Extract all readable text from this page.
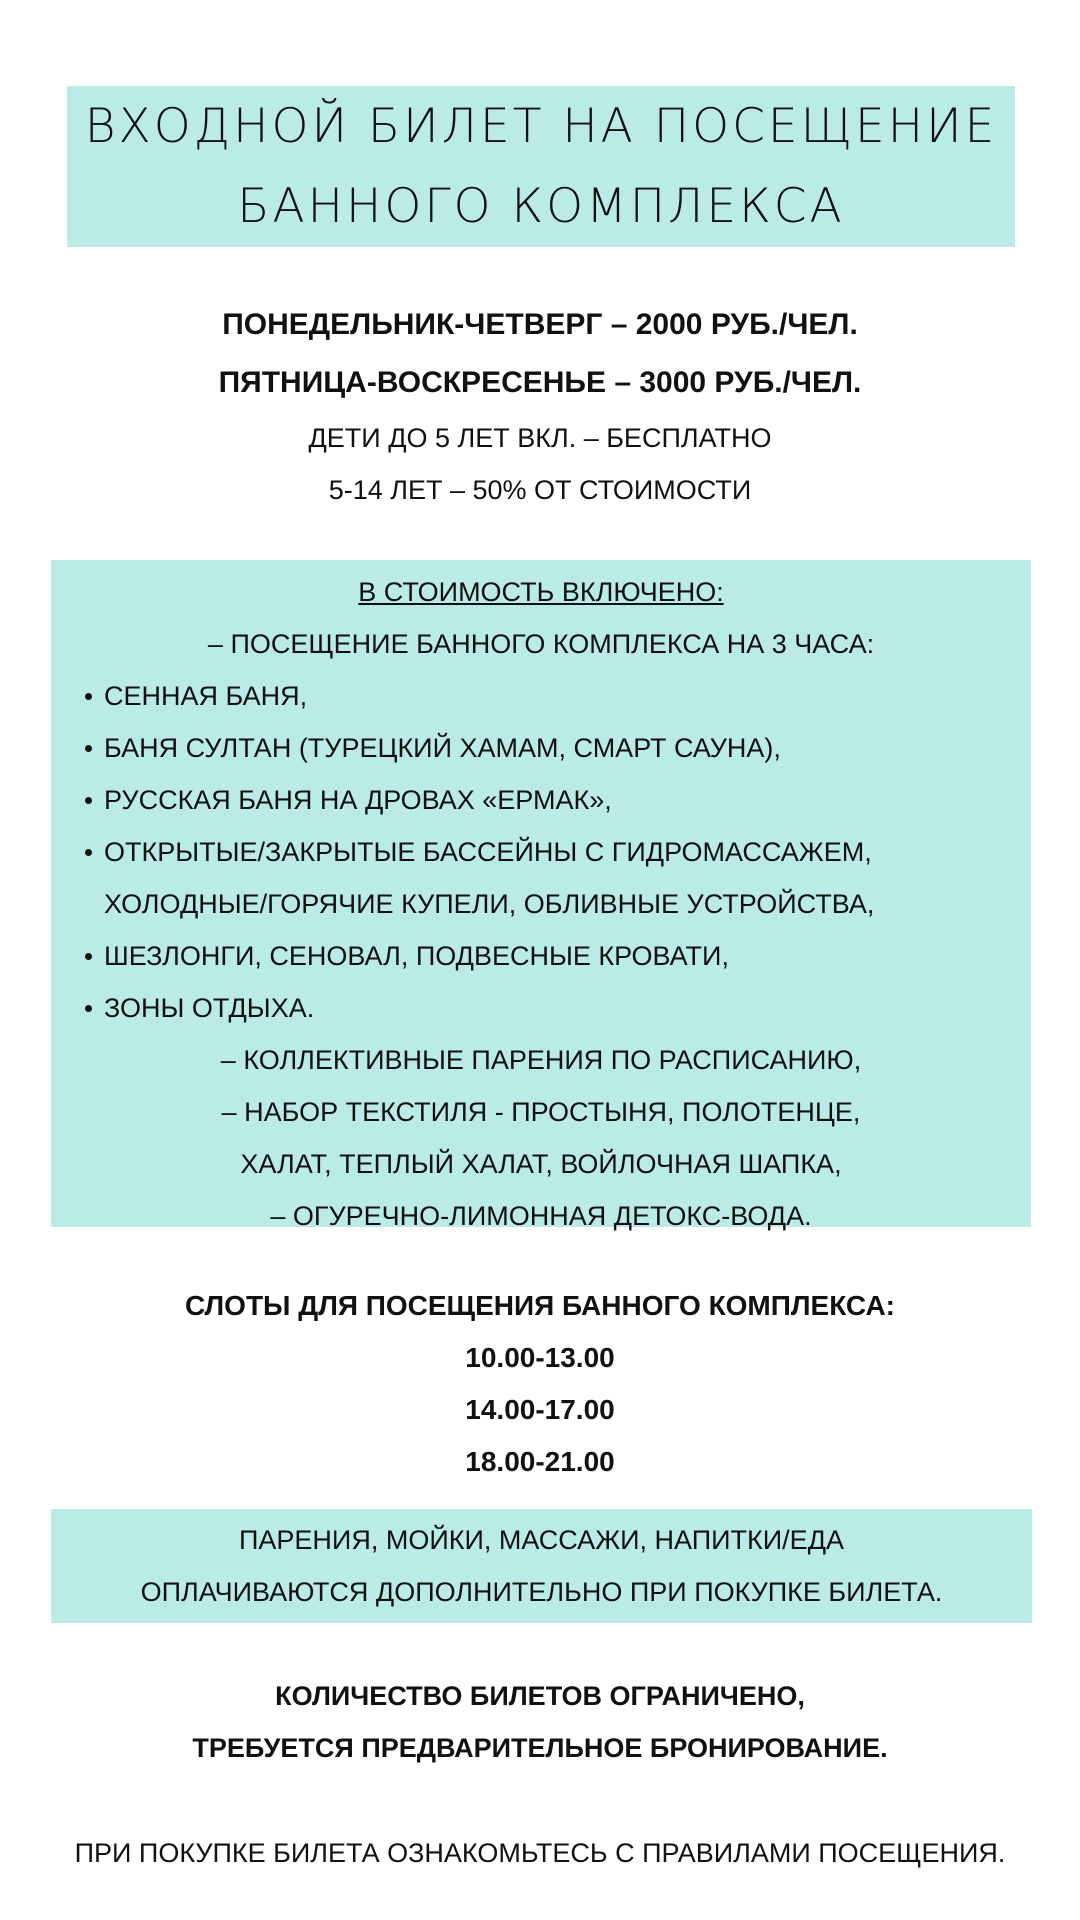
ВХОДНОЙ БИЛЕТ НА ПОСЕЩЕНИЕ
БАННОГО КОМПЛЕКСА
ПОНЕДЕЛЬНИК-ЧЕТВЕРГ – 2000 РУБ./ЧЕЛ.
ПЯТНИЦА-ВОСКРЕСЕНЬЕ – 3000 РУБ./ЧЕЛ.
ДЕТИ ДО 5 ЛЕТ ВКЛ. – БЕСПЛАТНО
5-14 ЛЕТ – 50% ОТ СТОИМОСТИ
В СТОИМОСТЬ ВКЛЮЧЕНО:
– ПОСЕЩЕНИЕ БАННОГО КОМПЛЕКСА НА 3 ЧАСА:
СЕННАЯ БАНЯ,
БАНЯ СУЛТАН (ТУРЕЦКИЙ ХАМАМ, СМАРТ САУНА),
РУССКАЯ БАНЯ НА ДРОВАХ «ЕРМАК»,
ОТКРЫТЫЕ/ЗАКРЫТЫЕ БАССЕЙНЫ С ГИДРОМАССАЖЕМ, ХОЛОДНЫЕ/ГОРЯЧИЕ КУПЕЛИ, ОБЛИВНЫЕ УСТРОЙСТВА,
ШЕЗЛОНГИ, СЕНОВАЛ, ПОДВЕСНЫЕ КРОВАТИ,
ЗОНЫ ОТДЫХА.
– КОЛЛЕКТИВНЫЕ ПАРЕНИЯ ПО РАСПИСАНИЮ,
– НАБОР ТЕКСТИЛЯ - ПРОСТЫНЯ, ПОЛОТЕНЦЕ,
ХАЛАТ, ТЕПЛЫЙ ХАЛАТ, ВОЙЛОЧНАЯ ШАПКА,
– ОГУРЕЧНО-ЛИМОННАЯ ДЕТОКС-ВОДА.
СЛОТЫ ДЛЯ ПОСЕЩЕНИЯ БАННОГО КОМПЛЕКСА:
10.00-13.00
14.00-17.00
18.00-21.00
ПАРЕНИЯ, МОЙКИ, МАССАЖИ, НАПИТКИ/ЕДА
ОПЛАЧИВАЮТСЯ ДОПОЛНИТЕЛЬНО ПРИ ПОКУПКЕ БИЛЕТА.
КОЛИЧЕСТВО БИЛЕТОВ ОГРАНИЧЕНО,
ТРЕБУЕТСЯ ПРЕДВАРИТЕЛЬНОЕ БРОНИРОВАНИЕ.
ПРИ ПОКУПКЕ БИЛЕТА ОЗНАКОМЬТЕСЬ С ПРАВИЛАМИ ПОСЕЩЕНИЯ.
